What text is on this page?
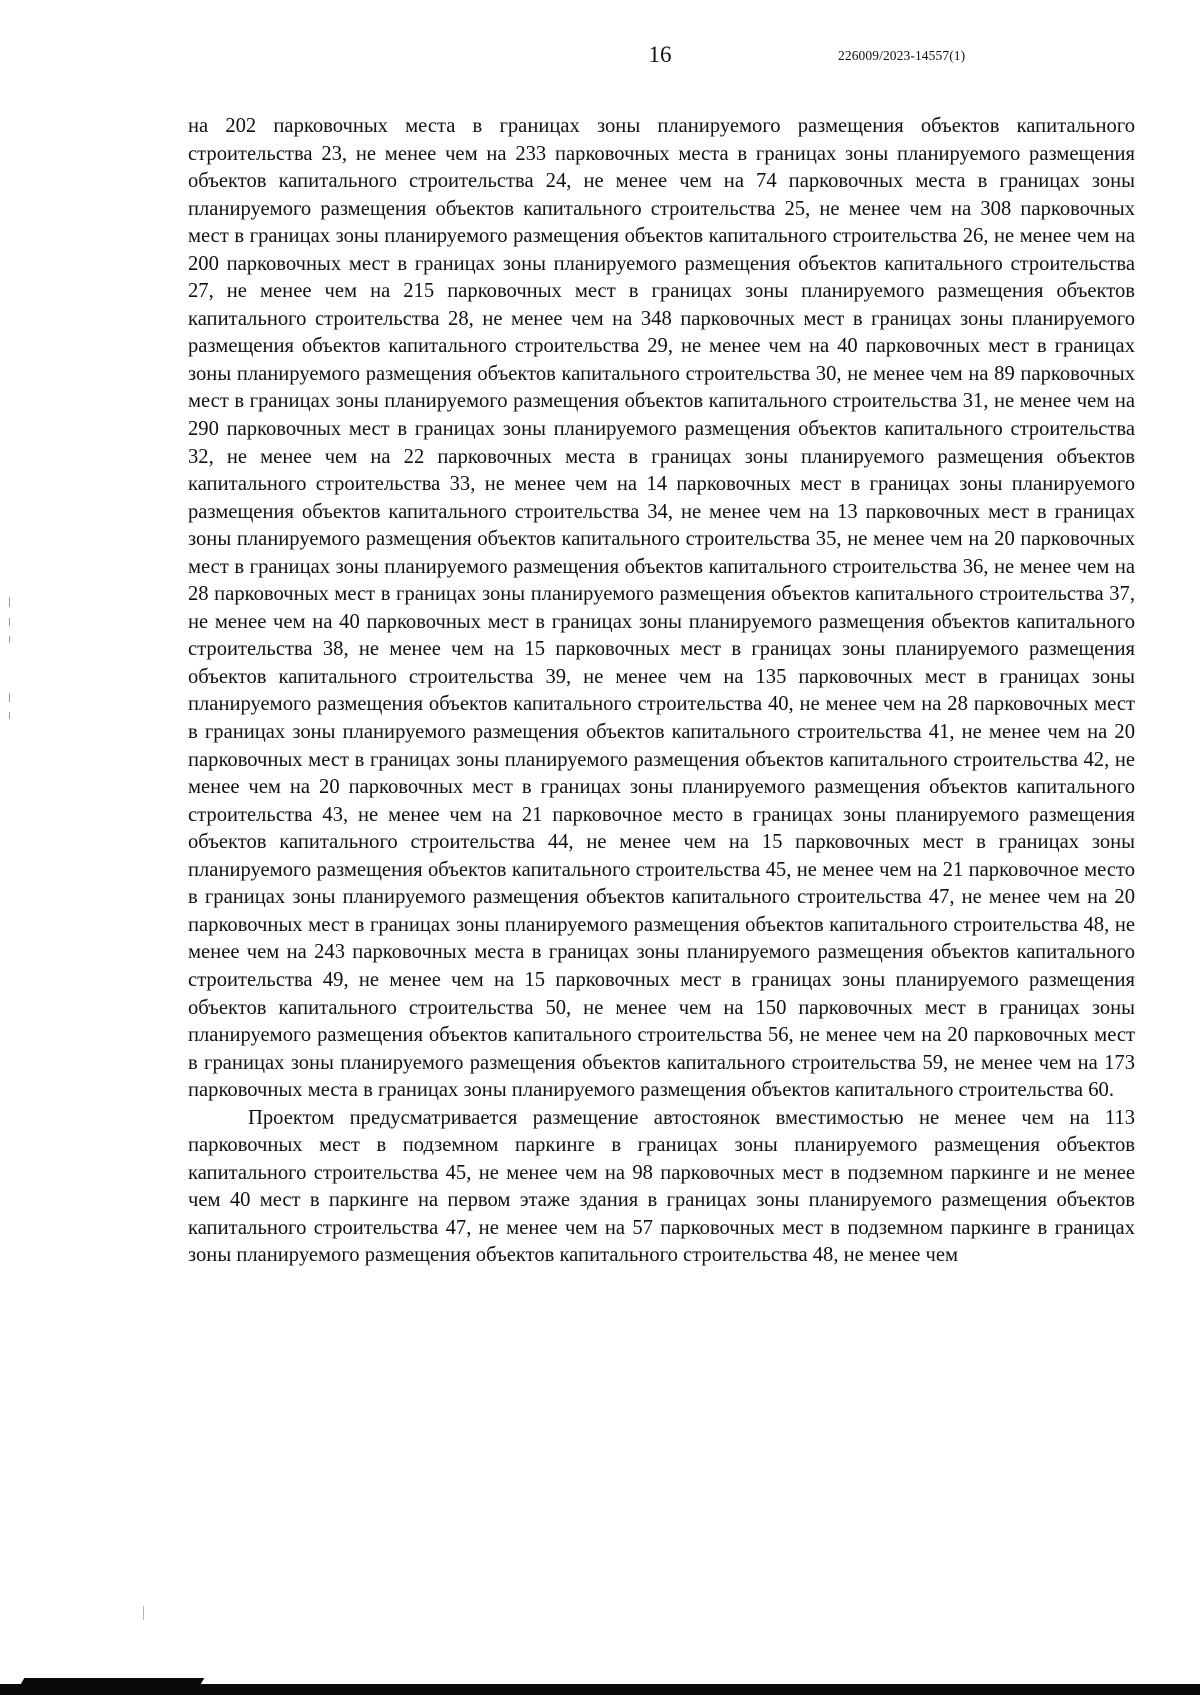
16	226009/2023-14557(1)

на 202 парковочных места в границах зоны планируемого размещения объектов капитального строительства 23, не менее чем на 233 парковочных места в границах зоны планируемого размещения объектов капитального строительства 24, не менее чем на 74 парковочных места в границах зоны планируемого размещения объектов капитального строительства 25, не менее чем на 308 парковочных мест в границах зоны планируемого размещения объектов капитального строительства 26, не менее чем на 200 парковочных мест в границах зоны планируемого размещения объектов капитального строительства 27, не менее чем на 215 парковочных мест в границах зоны планируемого размещения объектов капитального строительства 28, не менее чем на 348 парковочных мест в границах зоны планируемого размещения объектов капитального строительства 29, не менее чем на 40 парковочных мест в границах зоны планируемого размещения объектов капитального строительства 30, не менее чем на 89 парковочных мест в границах зоны планируемого размещения объектов капитального строительства 31, не менее чем на 290 парковочных мест в границах зоны планируемого размещения объектов капитального строительства 32, не менее чем на 22 парковочных места в границах зоны планируемого размещения объектов капитального строительства 33, не менее чем на 14 парковочных мест в границах зоны планируемого размещения объектов капитального строительства 34, не менее чем на 13 парковочных мест в границах зоны планируемого размещения объектов капитального строительства 35, не менее чем на 20 парковочных мест в границах зоны планируемого размещения объектов капитального строительства 36, не менее чем на 28 парковочных мест в границах зоны планируемого размещения объектов капитального строительства 37, не менее чем на 40 парковочных мест в границах зоны планируемого размещения объектов капитального строительства 38, не менее чем на 15 парковочных мест в границах зоны планируемого размещения объектов капитального строительства 39, не менее чем на 135 парковочных мест в границах зоны планируемого размещения объектов капитального строительства 40, не менее чем на 28 парковочных мест в границах зоны планируемого размещения объектов капитального строительства 41, не менее чем на 20 парковочных мест в границах зоны планируемого размещения объектов капитального строительства 42, не менее чем на 20 парковочных мест в границах зоны планируемого размещения объектов капитального строительства 43, не менее чем на 21 парковочное место в границах зоны планируемого размещения объектов капитального строительства 44, не менее чем на 15 парковочных мест в границах зоны планируемого размещения объектов капитального строительства 45, не менее чем на 21 парковочное место в границах зоны планируемого размещения объектов капитального строительства 47, не менее чем на 20 парковочных мест в границах зоны планируемого размещения объектов капитального строительства 48, не менее чем на 243 парковочных места в границах зоны планируемого размещения объектов капитального строительства 49, не менее чем на 15 парковочных мест в границах зоны планируемого размещения объектов капитального строительства 50, не менее чем на 150 парковочных мест в границах зоны планируемого размещения объектов капитального строительства 56, не менее чем на 20 парковочных мест в границах зоны планируемого размещения объектов капитального строительства 59, не менее чем на 173 парковочных места в границах зоны планируемого размещения объектов капитального строительства 60.

Проектом предусматривается размещение автостоянок вместимостью не менее чем на 113 парковочных мест в подземном паркинге в границах зоны планируемого размещения объектов капитального строительства 45, не менее чем на 98 парковочных мест в подземном паркинге и не менее чем 40 мест в паркинге на первом этаже здания в границах зоны планируемого размещения объектов капитального строительства 47, не менее чем на 57 парковочных мест в подземном паркинге в границах зоны планируемого размещения объектов капитального строительства 48, не менее чем
